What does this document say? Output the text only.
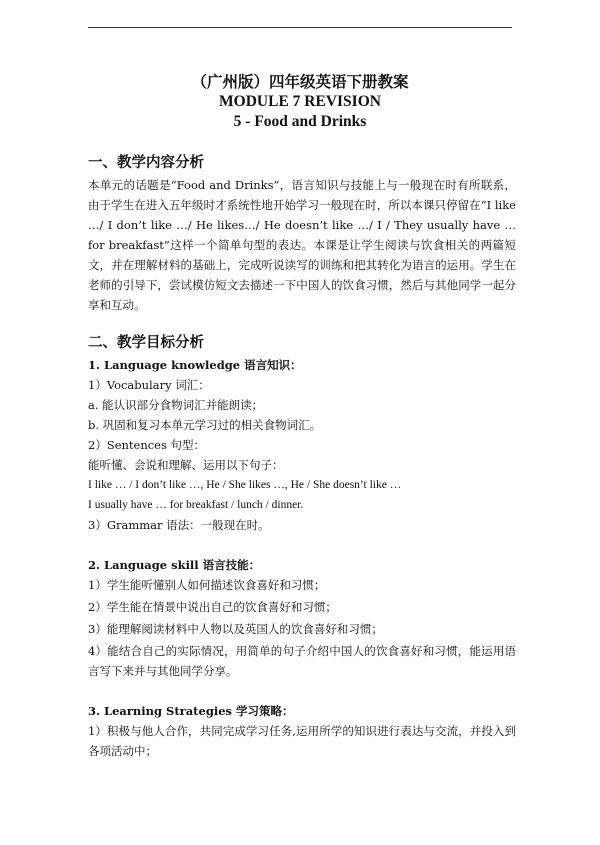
（广州版）四年级英语下册教案
MODULE 7 REVISION
5 - Food and Drinks
一、教学内容分析
本单元的话题是“Food and Drinks”，语言知识与技能上与一般现在时有所联系，由于学生在进入五年级时才系统性地开始学习一般现在时，所以本课只停留在“I like …/ I don’t like …/ He likes…/ He doesn’t like …/ I / They usually have … for breakfast”这样一个简单句型的表达。本课是让学生阅读与饮食相关的两篇短文，并在理解材料的基础上，完成听说读写的训练和把其转化为语言的运用。学生在老师的引导下，尝试模仿短文去描述一下中国人的饮食习惯，然后与其他同学一起分享和互动。
二、教学目标分析
1. Language knowledge 语言知识：
1）Vocabulary 词汇：
a. 能认识部分食物词汇并能朗读；
b. 巩固和复习本单元学习过的相关食物词汇。
2）Sentences 句型：
能听懂、会说和理解、运用以下句子：
I like … / I don’t like …, He / She likes …, He / She doesn’t like …
I usually have … for breakfast / lunch / dinner.
3）Grammar 语法：一般现在时。
2. Language skill 语言技能：
1）学生能听懂别人如何描述饮食喜好和习惯；
2）学生能在情景中说出自己的饮食喜好和习惯；
3）能理解阅读材料中人物以及英国人的饮食喜好和习惯；
4）能结合自己的实际情况，用简单的句子介绍中国人的饮食喜好和习惯，能运用语言写下来并与其他同学分享。
3. Learning Strategies 学习策略：
1）积极与他人合作，共同完成学习任务,运用所学的知识进行表达与交流，并投入到各项活动中；
